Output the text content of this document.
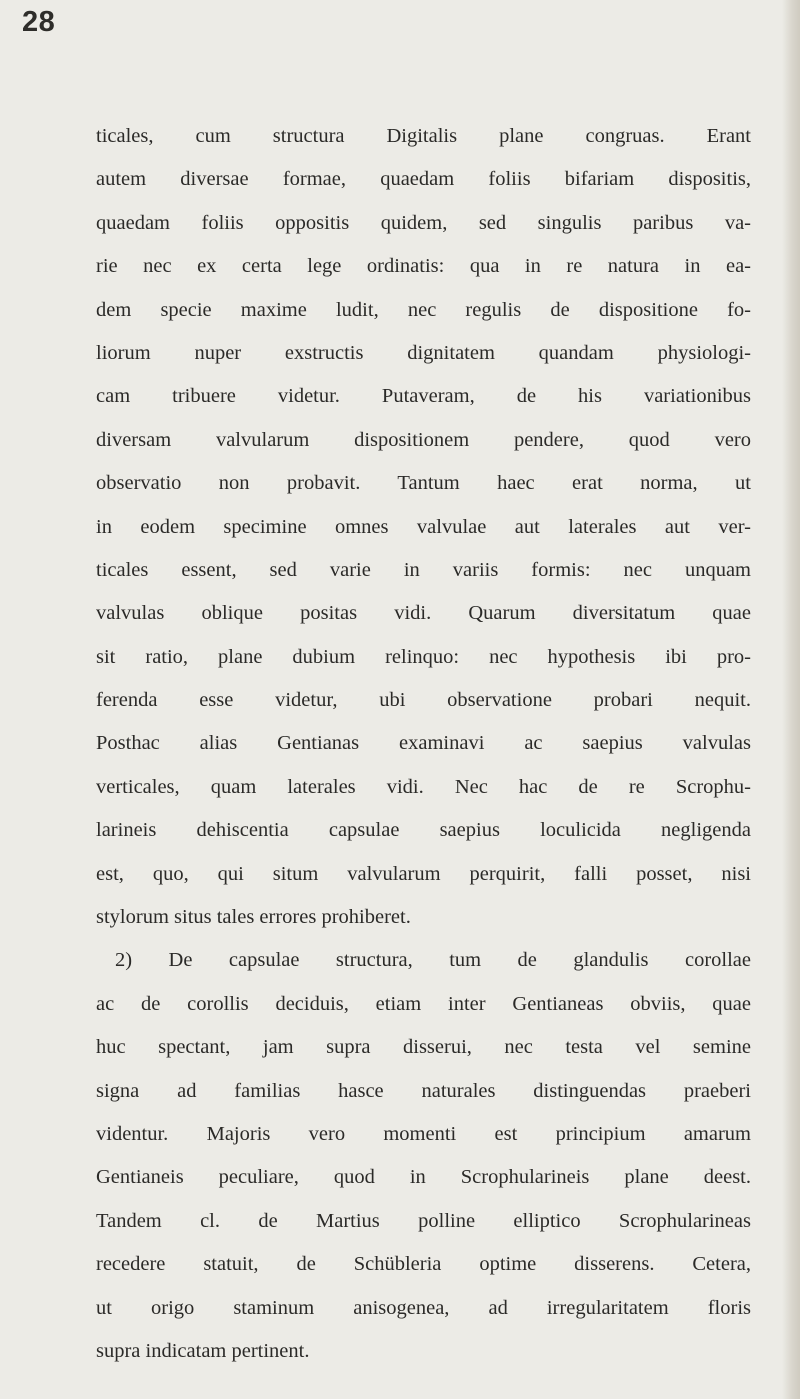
28

ticales, cum structura Digitalis plane congruas. Erant
autem diversae formae, quaedam foliis bifariam dispositis,
quaedam foliis oppositis quidem, sed singulis paribus va-
rie nec ex certa lege ordinatis: qua in re natura in ea-
dem specie maxime ludit, nec regulis de dispositione fo-
liorum nuper exstructis dignitatem quandam physiologi-
cam tribuere videtur. Putaveram, de his variationibus
diversam valvularum dispositionem pendere, quod vero
observatio non probavit. Tantum haec erat norma, ut
in eodem specimine omnes valvulae aut laterales aut ver-
ticales essent, sed varie in variis formis: nec unquam
valvulas oblique positas vidi. Quarum diversitatum quae
sit ratio, plane dubium relinquo: nec hypothesis ibi pro-
ferenda esse videtur, ubi observatione probari nequit.
Posthac alias Gentianas examinavi ac saepius valvulas
verticales, quam laterales vidi. Nec hac de re Scrophu-
larineis dehiscentia capsulae saepius loculicida negligenda
est, quo, qui situm valvularum perquirit, falli posset, nisi
stylorum situs tales errores prohiberet.
2) De capsulae structura, tum de glandulis corollae
ac de corollis deciduis, etiam inter Gentianeas obviis, quae
huc spectant, jam supra disserui, nec testa vel semine
signa ad familias hasce naturales distinguendas praeberi
videntur. Majoris vero momenti est principium amarum
Gentianeis peculiare, quod in Scrophularineis plane deest.
Tandem cl. de Martius polline elliptico Scrophularineas
recedere statuit, de Schübleria optime disserens. Cetera,
ut origo staminum anisogenea, ad irregularitatem floris
supra indicatam pertinent.
